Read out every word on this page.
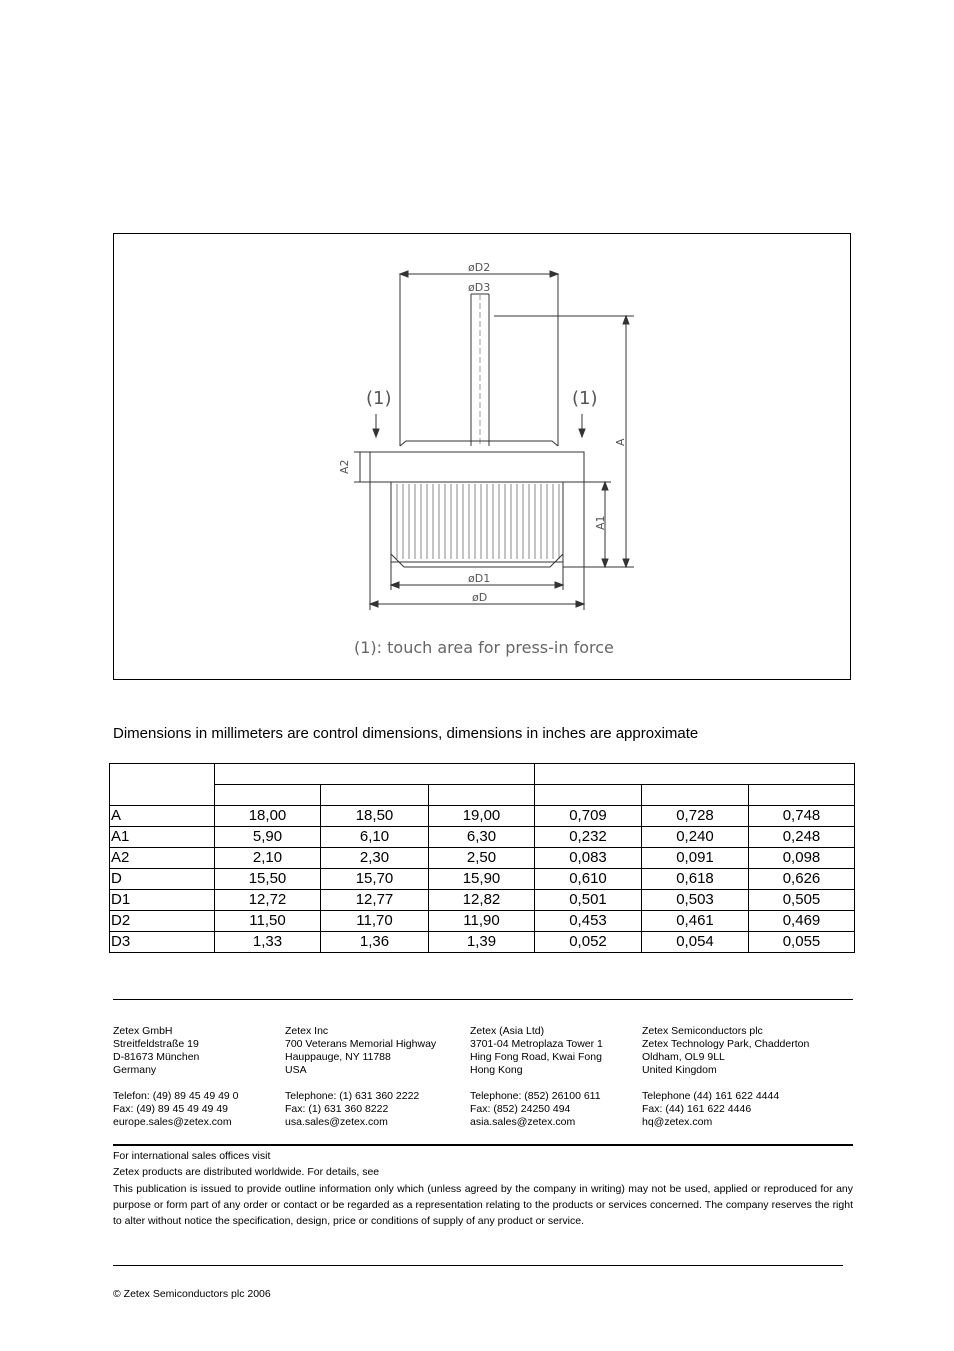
øD2
øD3
A
A2
A1
øD1
øD
(1)	(1)
(1): touch area for press-in force
Dimensions in millimeters are control dimensions, dimensions in inches are approximate

A	18,00	18,50	19,00	0,709	0,728	0,748
A1	5,90	6,10	6,30	0,232	0,240	0,248
A2	2,10	2,30	2,50	0,083	0,091	0,098
D	15,50	15,70	15,90	0,610	0,618	0,626
D1	12,72	12,77	12,82	0,501	0,503	0,505
D2	11,50	11,70	11,90	0,453	0,461	0,469
D3	1,33	1,36	1,39	0,052	0,054	0,055
Zetex GmbH
Streitfeldstraße 19
D-81673 München
Germany
Telefon: (49) 89 45 49 49 0
Fax: (49) 89 45 49 49 49
europe.sales@zetex.com
Zetex Inc
700 Veterans Memorial Highway
Hauppauge, NY 11788
USA
Telephone: (1) 631 360 2222
Fax: (1) 631 360 8222
usa.sales@zetex.com
Zetex (Asia Ltd)
3701-04 Metroplaza Tower 1
Hing Fong Road, Kwai Fong
Hong Kong
Telephone: (852) 26100 611
Fax: (852) 24250 494
asia.sales@zetex.com
Zetex Semiconductors plc
Zetex Technology Park, Chadderton
Oldham, OL9 9LL
United Kingdom
Telephone (44) 161 622 4444
Fax: (44) 161 622 4446
hq@zetex.com
For international sales offices visit
Zetex products are distributed worldwide. For details, see
This publication is issued to provide outline information only which (unless agreed by the company in writing) may not be used, applied or reproduced for any purpose or form part of any order or contact or be regarded as a representation relating to the products or services concerned. The company reserves the right to alter without notice the specification, design, price or conditions of supply of any product or service.
© Zetex Semiconductors plc 2006
